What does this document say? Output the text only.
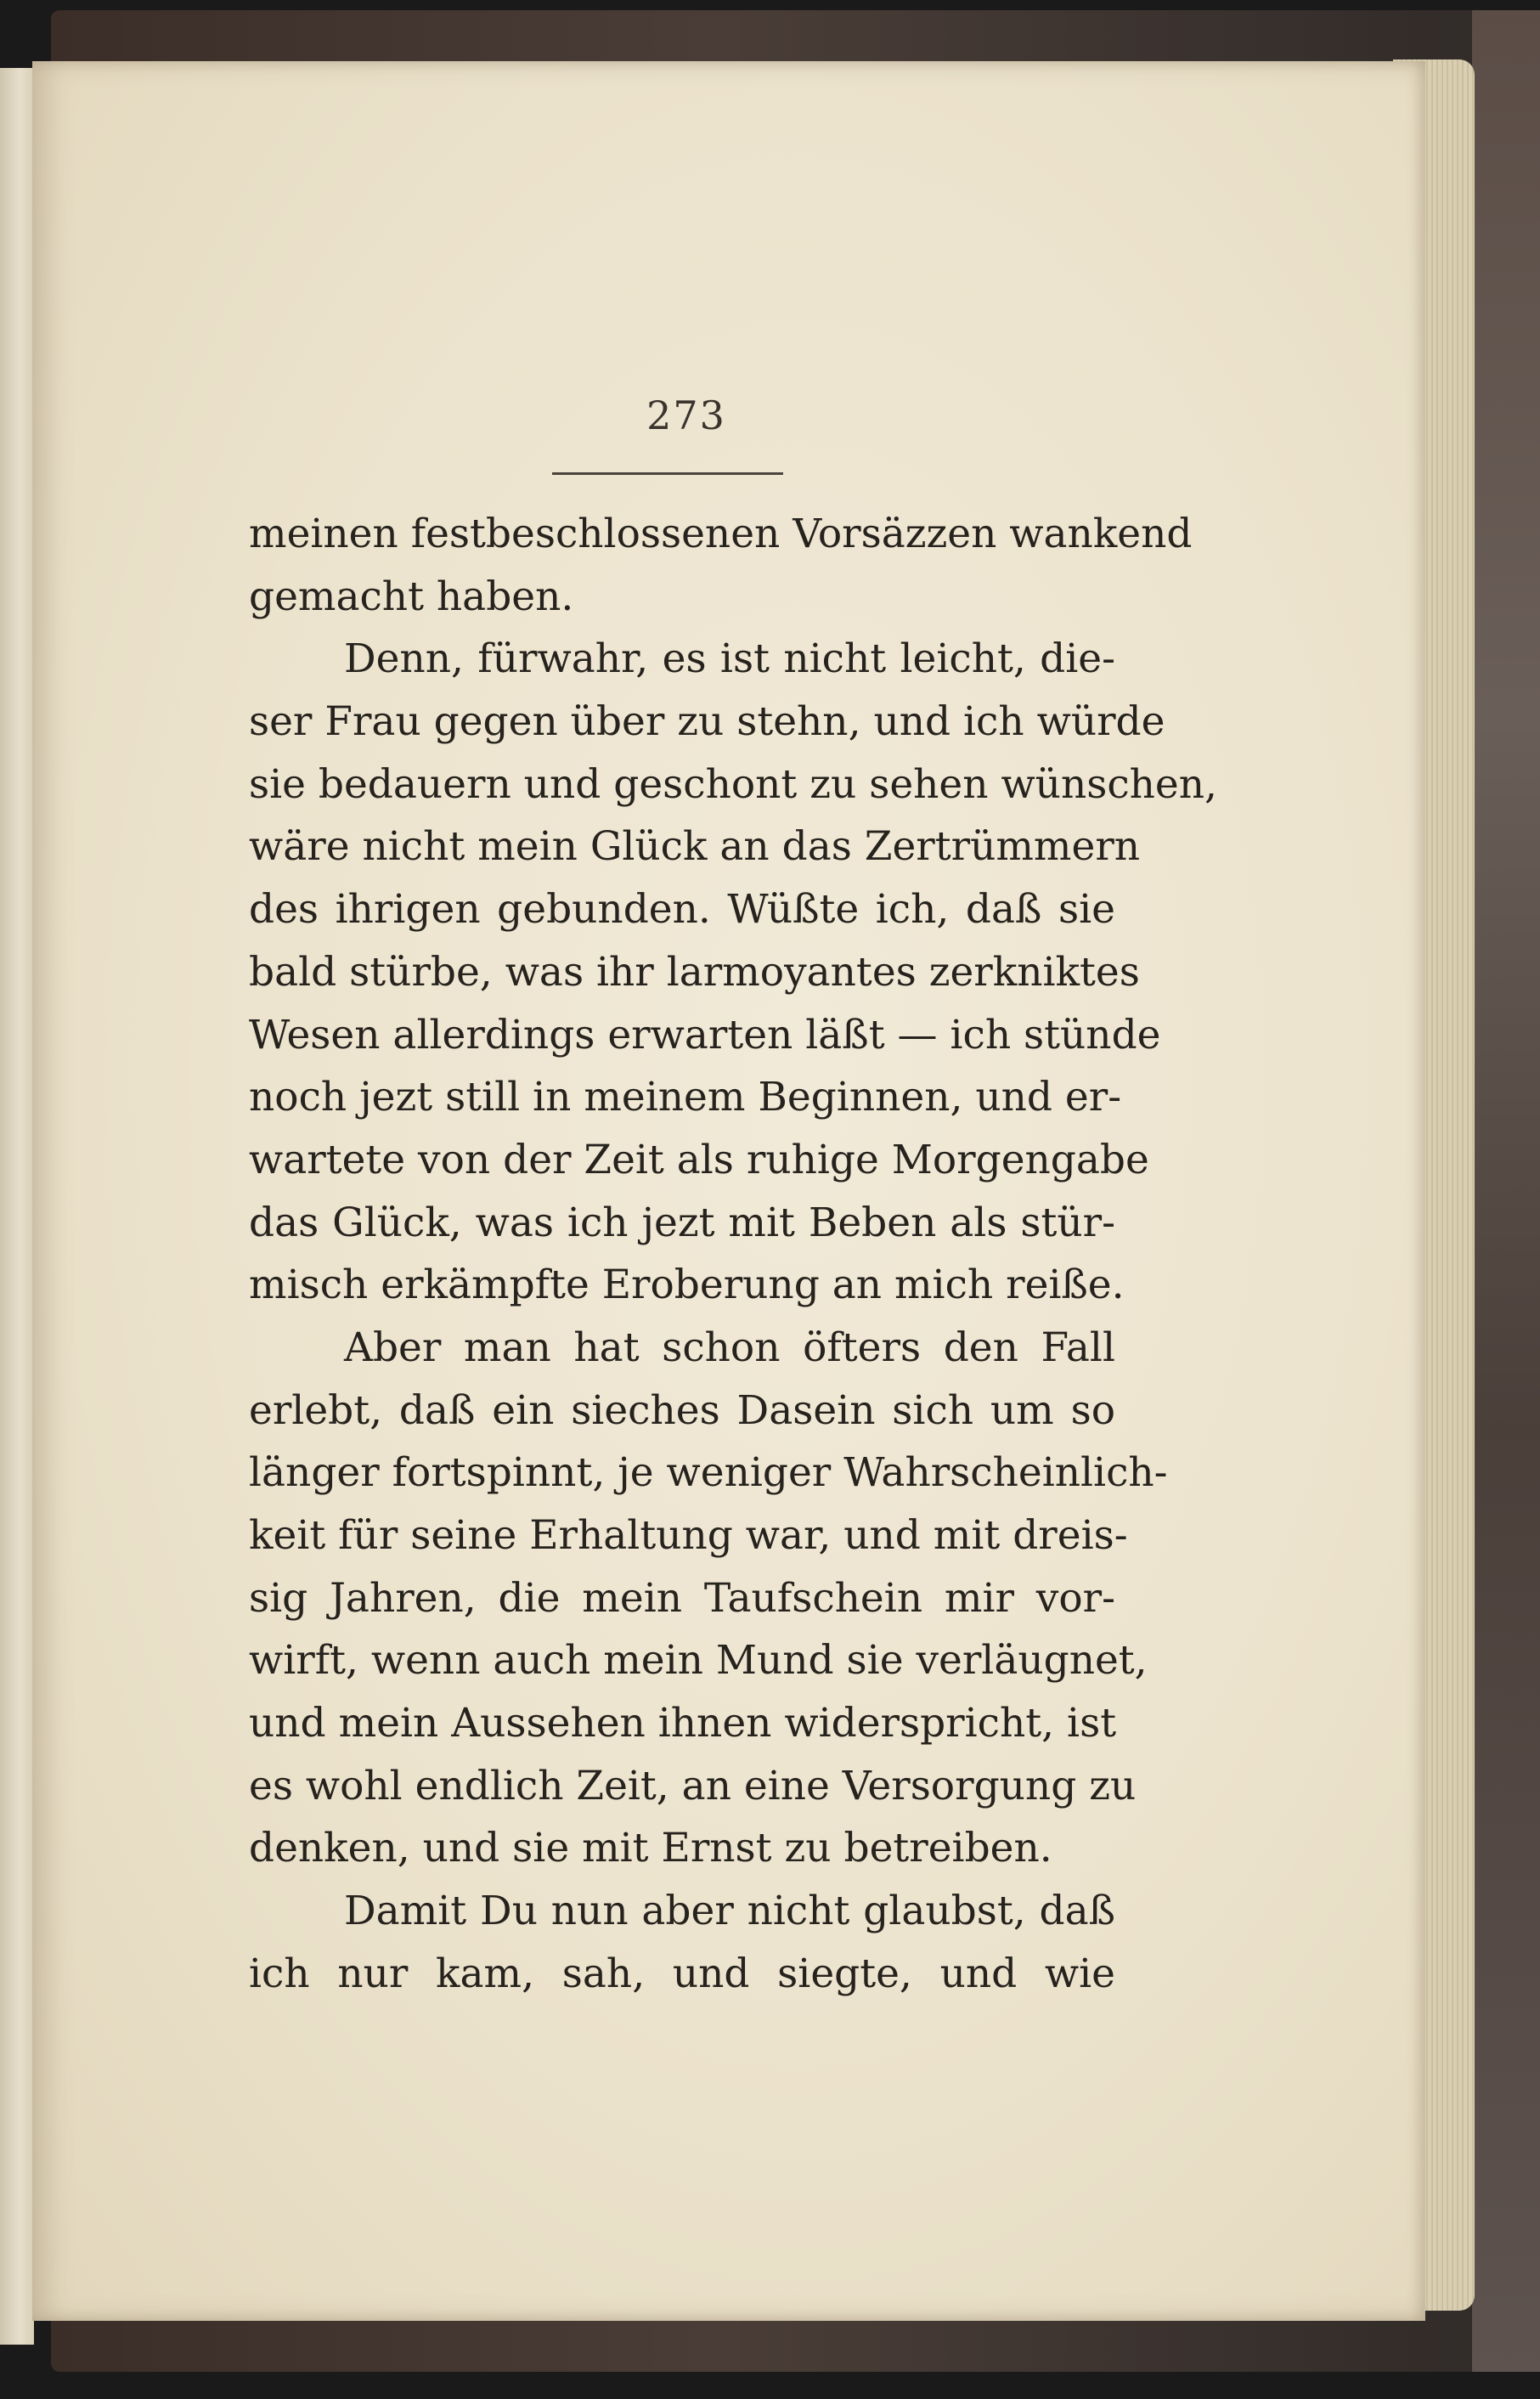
273
meinen festbeschlossenen Vorsäzzen wankend
gemacht haben.
Denn, fürwahr, es ist nicht leicht, die-
ser Frau gegen über zu stehn, und ich würde
sie bedauern und geschont zu sehen wünschen,
wäre nicht mein Glück an das Zertrümmern
des ihrigen gebunden. Wüßte ich, daß sie
bald stürbe, was ihr larmoyantes zerkniktes
Wesen allerdings erwarten läßt — ich stünde
noch jezt still in meinem Beginnen, und er-
wartete von der Zeit als ruhige Morgengabe
das Glück, was ich jezt mit Beben als stür-
misch erkämpfte Eroberung an mich reiße.
Aber man hat schon öfters den Fall
erlebt, daß ein sieches Dasein sich um so
länger fortspinnt, je weniger Wahrscheinlich-
keit für seine Erhaltung war, und mit dreis-
sig Jahren, die mein Taufschein mir vor-
wirft, wenn auch mein Mund sie verläugnet,
und mein Aussehen ihnen widerspricht, ist
es wohl endlich Zeit, an eine Versorgung zu
denken, und sie mit Ernst zu betreiben.
Damit Du nun aber nicht glaubst, daß
ich nur kam, sah, und siegte, und wie
